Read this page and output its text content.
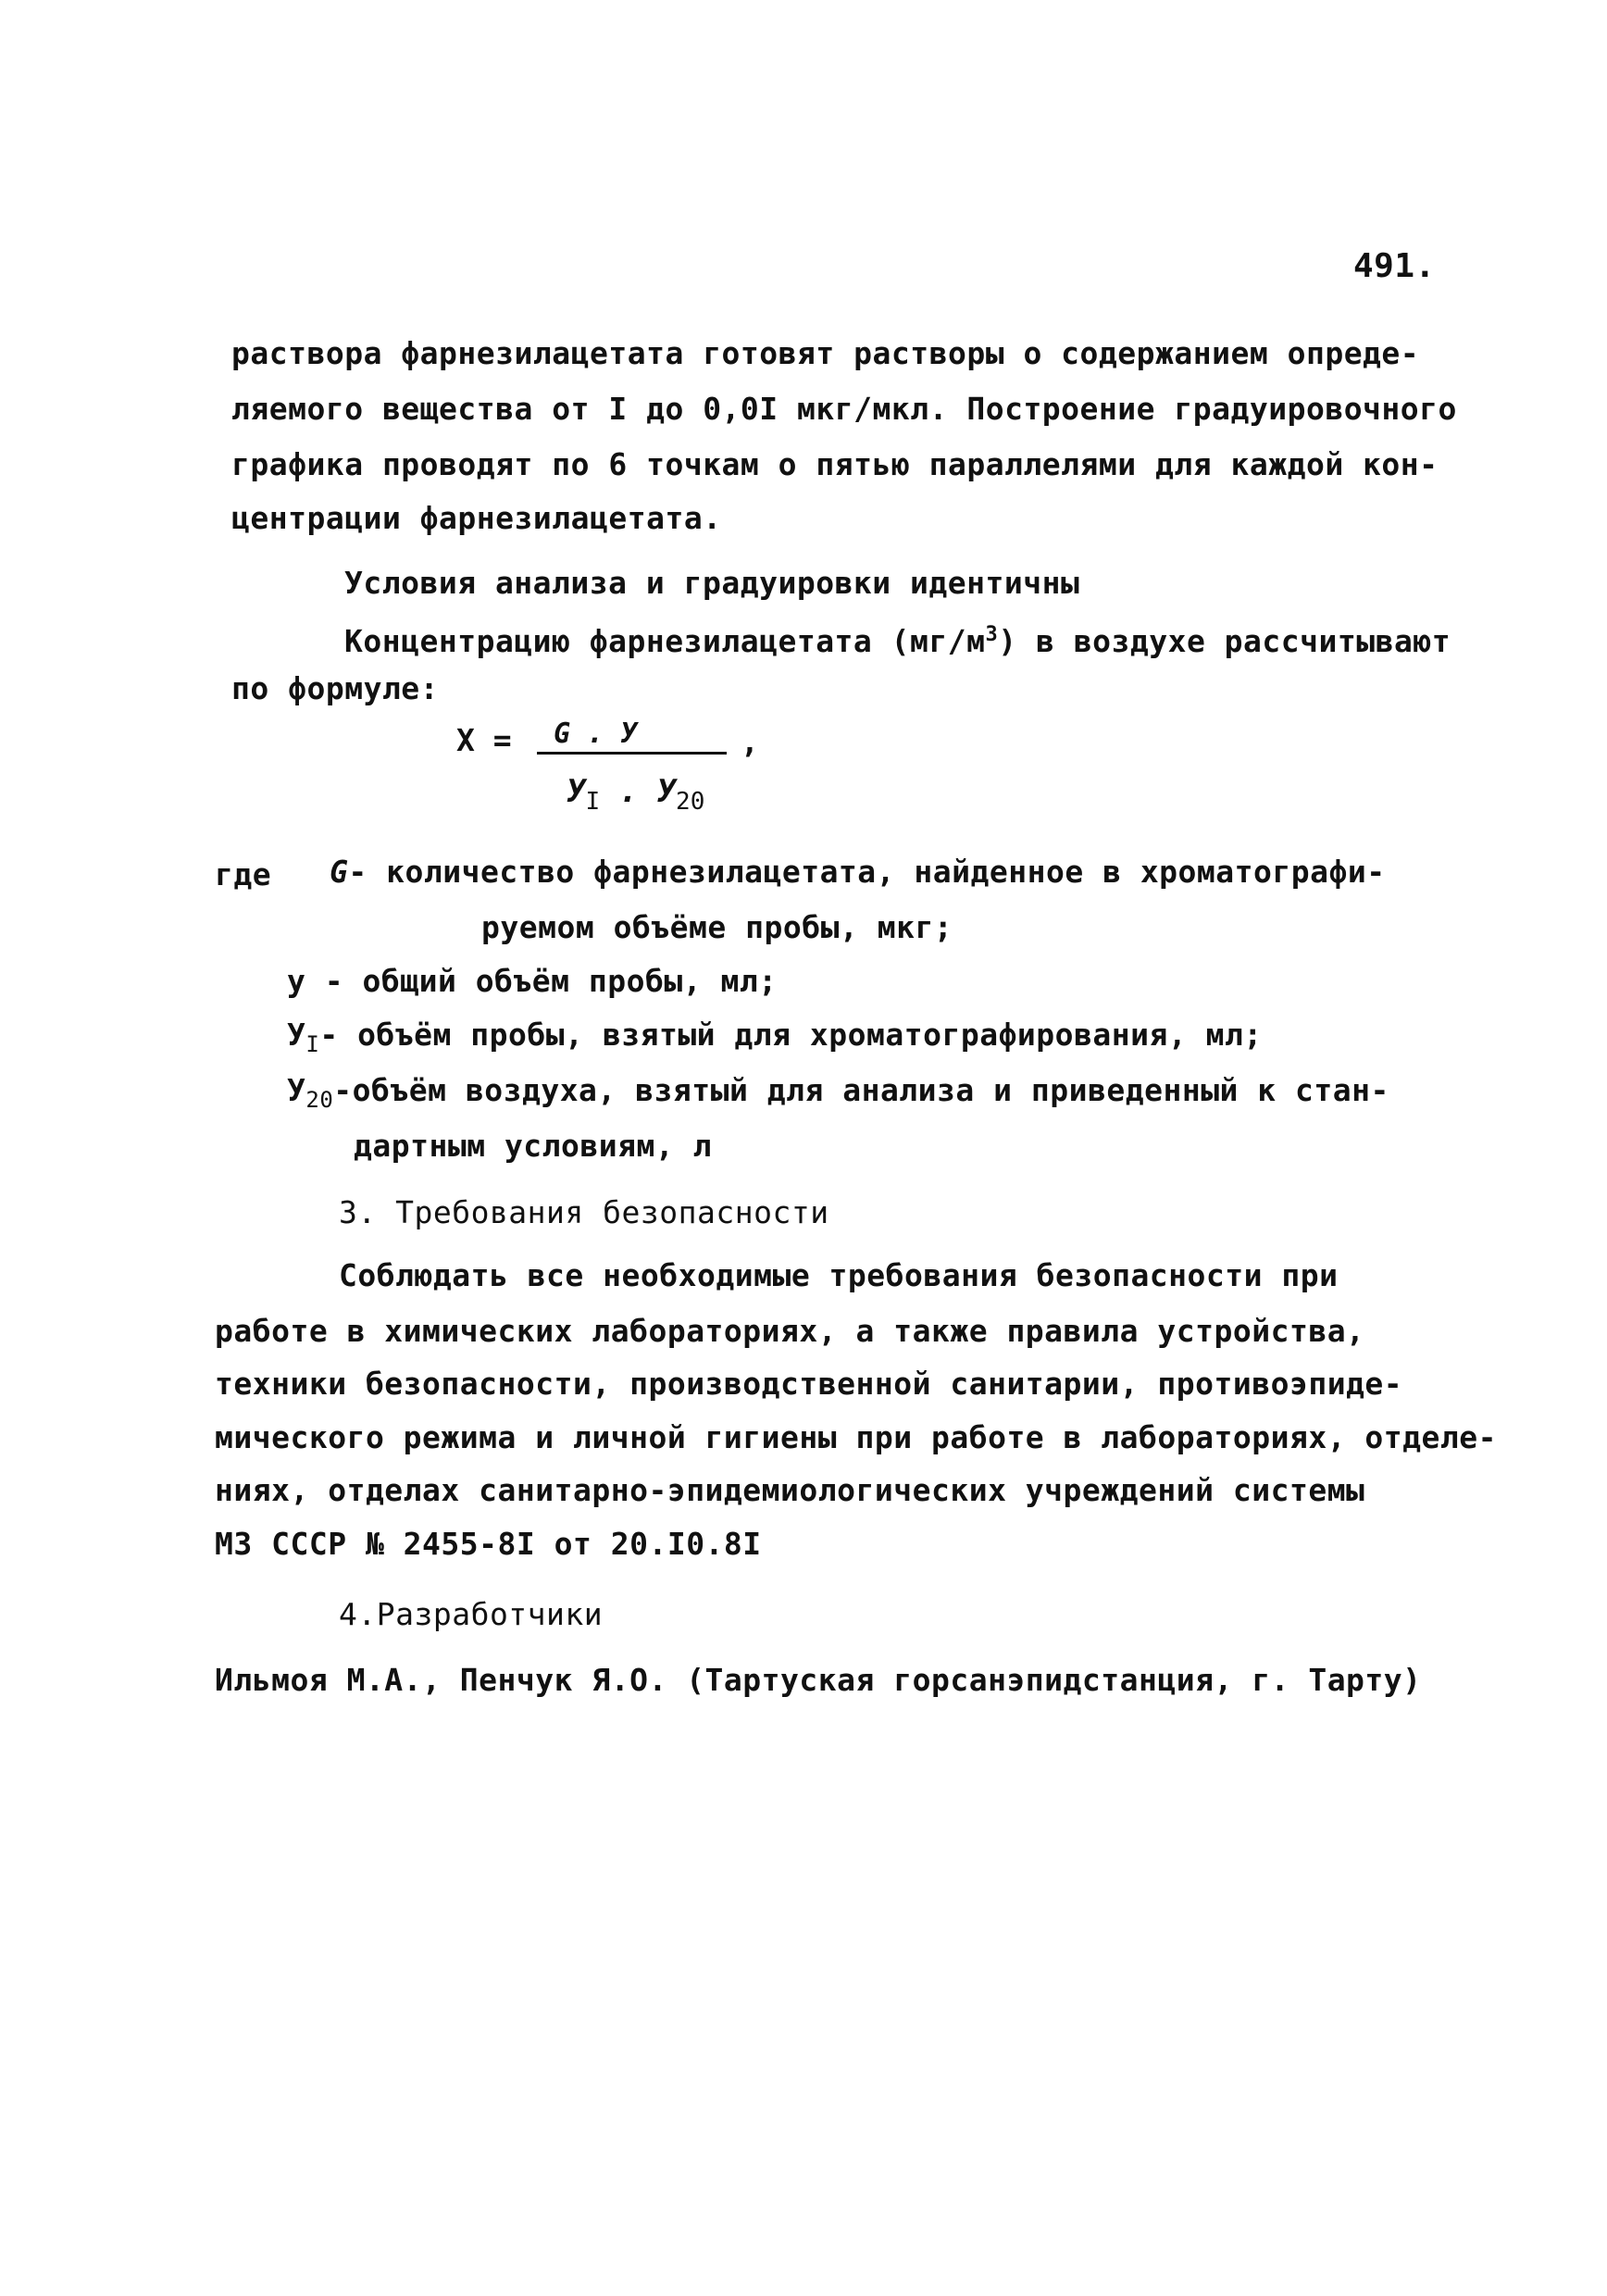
491.

раствора фарнезилацетата готовят растворы о содержанием опреде-

ляемого вещества от I до 0,0I мкг/мкл. Построение градуировочного

графика проводят по 6 точкам о пятью параллелями для каждой кон-

центрации фарнезилацетата.

Условия анализа и градуировки идентичны

Концентрацию фарнезилацетата $(мг/м^3)$ в воздухе рассчитывают

по формуле:

Х = G . У	,
$У_I$ . $У_{20}$

где G- количество фарнезилацетата, найденное в хроматографи-

руемом объёме пробы, мкг;

у - общий объём пробы, мл;

$У_I-$ объём пробы, взятый для хроматографирования, мл;

$У_{20}$-объём воздуха, взятый для анализа и приведенный к стан-

дартным условиям, л

3. Требования безопасности

Соблюдать все необходимые требования безопасности при

работе в химических лабораториях, а также правила устройства,

техники безопасности, производственной санитарии, противоэпиде-

мического режима и личной гигиены при работе в лабораториях, отделе-

ниях, отделах санитарно-эпидемиологических учреждений системы

МЗ СССР № 2455-8I от 20.I0.8I

4.Разработчики

Ильмоя М.А., Пенчук Я.О. (Тартуская горсанэпидстанция, г. Тарту)
